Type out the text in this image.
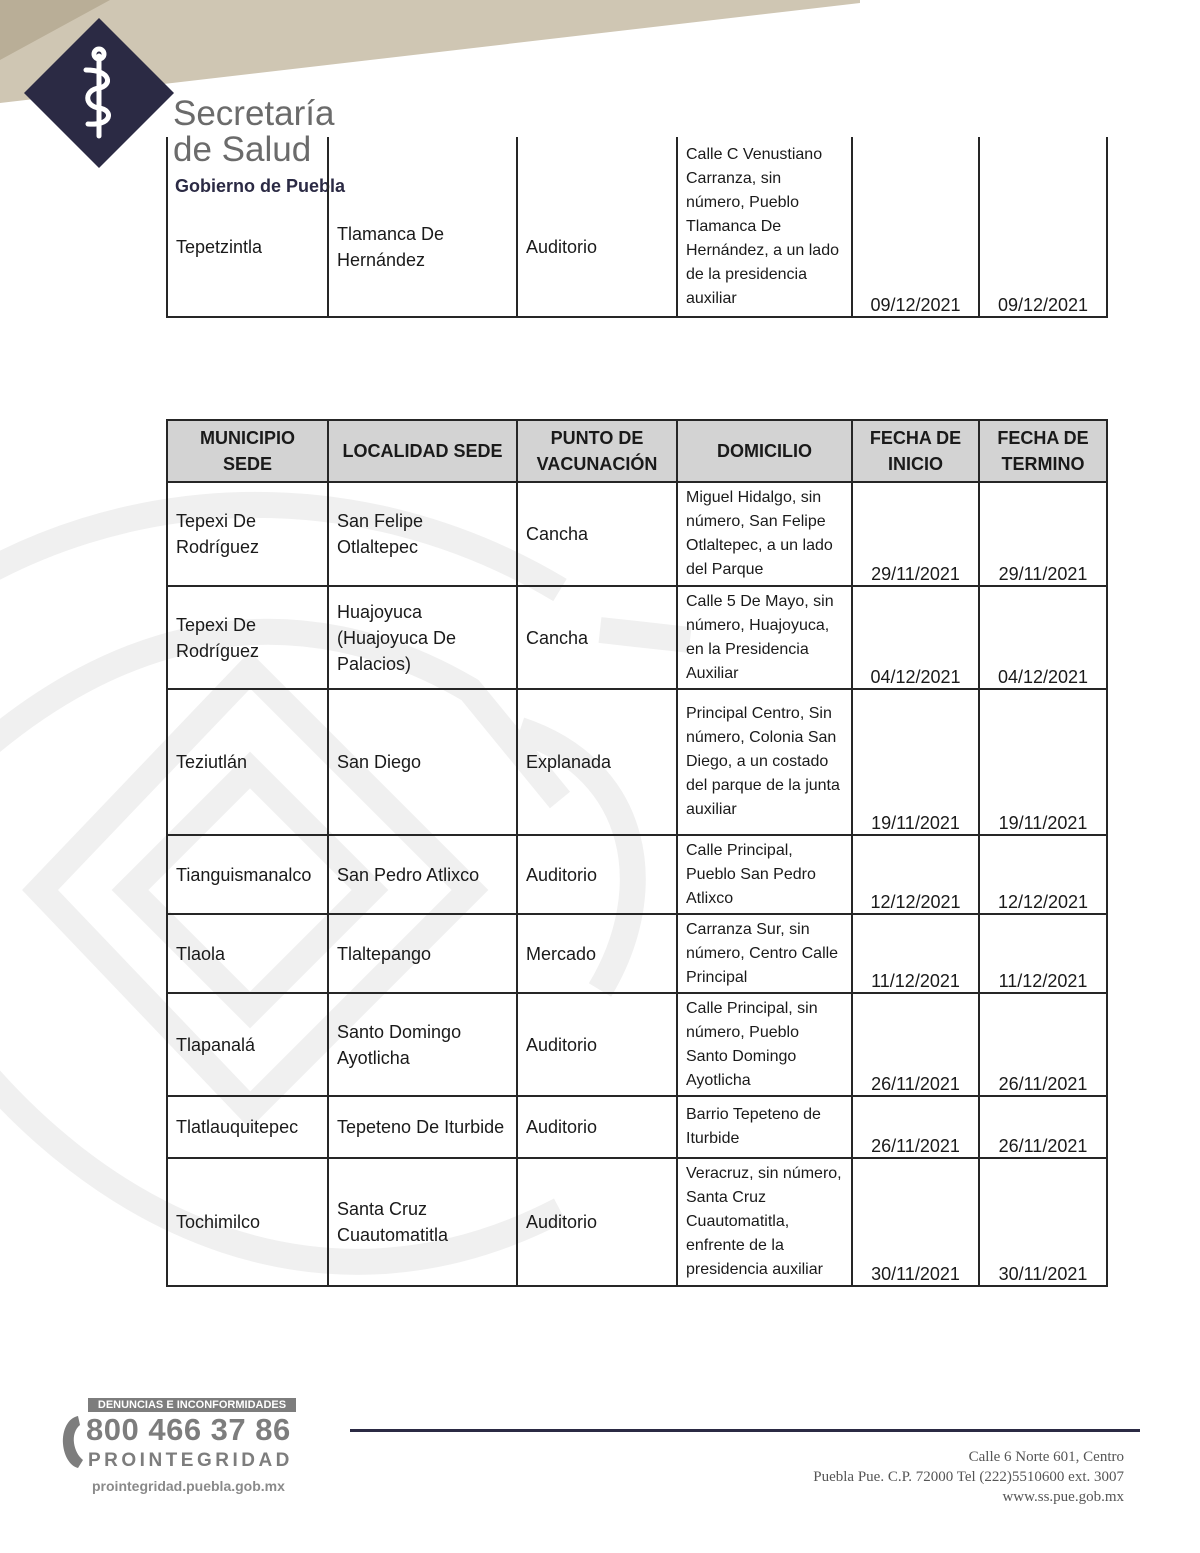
Secretaría
de Salud
Gobierno de Puebla
Tepetzintla	Tlamanca De Hernández	Auditorio	Calle C Venustiano Carranza, sin número, Pueblo Tlamanca De Hernández, a un lado de la presidencia auxiliar	09/12/2021	09/12/2021
MUNICIPIO SEDE	LOCALIDAD SEDE	PUNTO DE VACUNACIÓN	DOMICILIO	FECHA DE INICIO	FECHA DE TERMINO
Tepexi De Rodríguez	San Felipe Otlaltepec	Cancha	Miguel Hidalgo, sin número, San Felipe Otlaltepec, a un lado del Parque	29/11/2021	29/11/2021
Tepexi De Rodríguez	Huajoyuca (Huajoyuca De Palacios)	Cancha	Calle 5 De Mayo, sin número, Huajoyuca, en la Presidencia Auxiliar	04/12/2021	04/12/2021
Teziutlán	San Diego	Explanada	Principal Centro, Sin número, Colonia San Diego, a un costado del parque de la junta auxiliar	19/11/2021	19/11/2021
Tianguismanalco	San Pedro Atlixco	Auditorio	Calle Principal, Pueblo San Pedro Atlixco	12/12/2021	12/12/2021
Tlaola	Tlaltepango	Mercado	Carranza Sur, sin número, Centro Calle Principal	11/12/2021	11/12/2021
Tlapanalá	Santo Domingo Ayotlicha	Auditorio	Calle Principal, sin número, Pueblo Santo Domingo Ayotlicha	26/11/2021	26/11/2021
Tlatlauquitepec	Tepeteno De Iturbide	Auditorio	Barrio Tepeteno de Iturbide	26/11/2021	26/11/2021
Tochimilco	Santa Cruz Cuautomatitla	Auditorio	Veracruz, sin número, Santa Cruz Cuautomatitla, enfrente de la presidencia auxiliar	30/11/2021	30/11/2021
DENUNCIAS E INCONFORMIDADES
800 466 37 86
PROINTEGRIDAD
prointegridad.puebla.gob.mx
Calle 6 Norte 601, Centro
Puebla Pue. C.P. 72000 Tel (222)5510600 ext. 3007
www.ss.pue.gob.mx
